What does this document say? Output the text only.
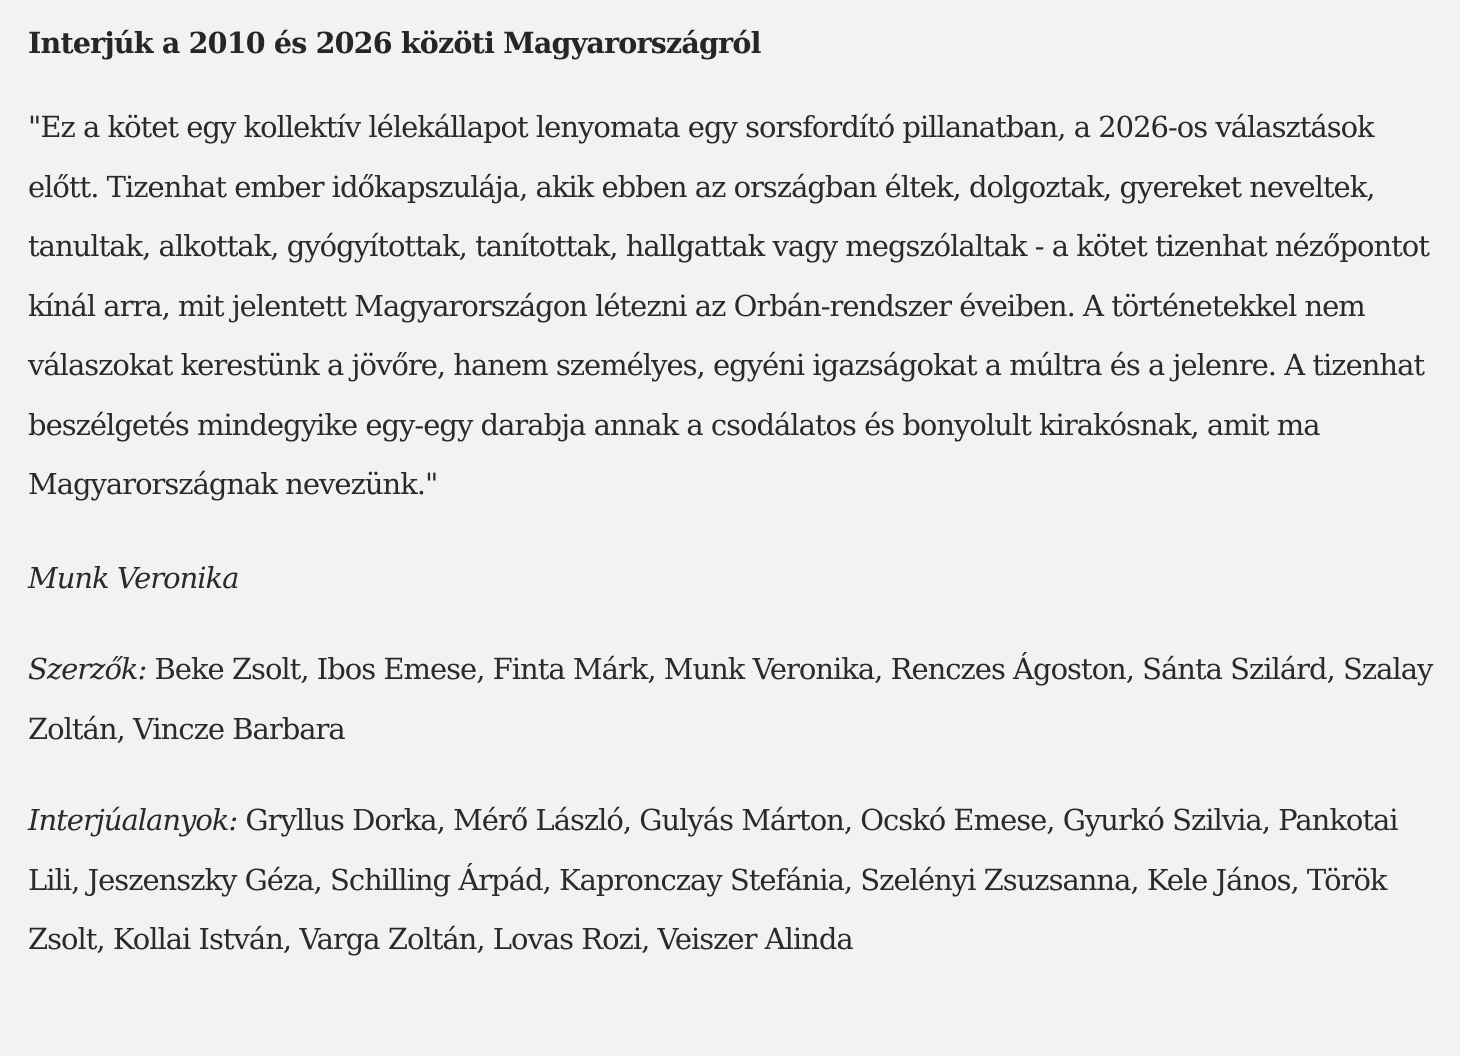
Interjúk a 2010 és 2026 közöti Magyarországról

"Ez a kötet egy kollektív lélekállapot lenyomata egy sorsfordító pillanatban, a 2026-os választások előtt. Tizenhat ember időkapszulája, akik ebben az országban éltek, dolgoztak, gyereket neveltek, tanultak, alkottak, gyógyítottak, tanítottak, hallgattak vagy megszólaltak - a kötet tizenhat nézőpontot kínál arra, mit jelentett Magyarországon létezni az Orbán-rendszer éveiben. A történetekkel nem válaszokat kerestünk a jövőre, hanem személyes, egyéni igazságokat a múltra és a jelenre. A tizenhat beszélgetés mindegyike egy-egy darabja annak a csodálatos és bonyolult kirakósnak, amit ma Magyarországnak nevezünk."

Munk Veronika

Szerzők: Beke Zsolt, Ibos Emese, Finta Márk, Munk Veronika, Renczes Ágoston, Sánta Szilárd, Szalay Zoltán, Vincze Barbara

Interjúalanyok: Gryllus Dorka, Mérő László, Gulyás Márton, Ocskó Emese, Gyurkó Szilvia, Pankotai Lili, Jeszenszky Géza, Schilling Árpád, Kapronczay Stefánia, Szelényi Zsuzsanna, Kele János, Török Zsolt, Kollai István, Varga Zoltán, Lovas Rozi, Veiszer Alinda
